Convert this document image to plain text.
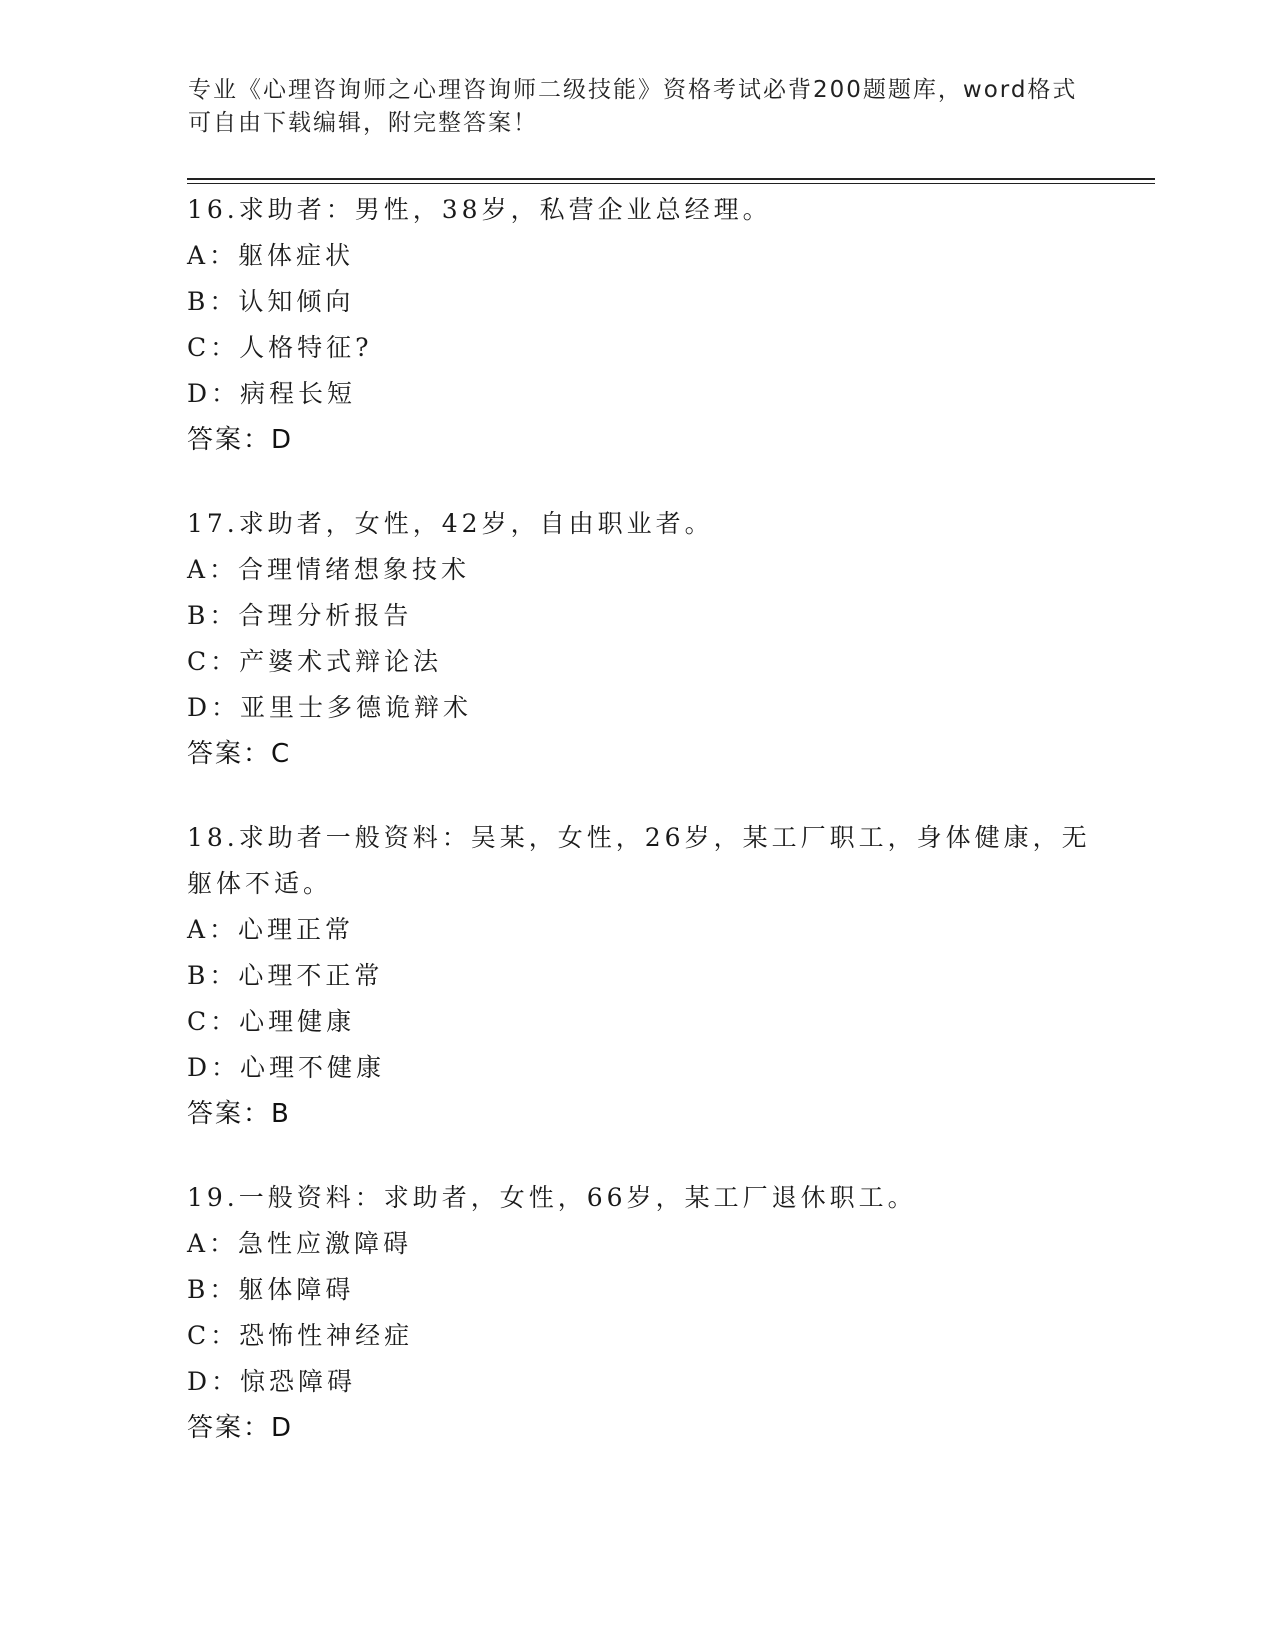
专业《心理咨询师之心理咨询师二级技能》资格考试必背200题题库，word格式
可自由下载编辑，附完整答案！
16.求助者：男性，38岁，私营企业总经理。
A：躯体症状
B：认知倾向
C：人格特征?
D：病程长短
答案：D
17.求助者，女性，42岁，自由职业者。
A：合理情绪想象技术
B：合理分析报告
C：产婆术式辩论法
D：亚里士多德诡辩术
答案：C
18.求助者一般资料：吴某，女性，26岁，某工厂职工，身体健康，无
躯体不适。
A：心理正常
B：心理不正常
C：心理健康
D：心理不健康
答案：B
19.一般资料：求助者，女性，66岁，某工厂退休职工。
A：急性应激障碍
B：躯体障碍
C：恐怖性神经症
D：惊恐障碍
答案：D
